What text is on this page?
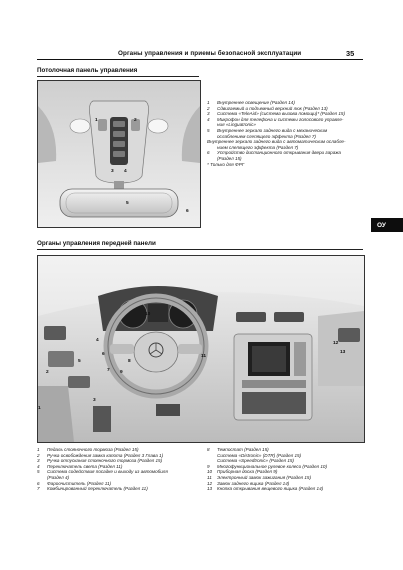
Органы управления и приемы безопасной эксплуатации	35
Потолочная панель управления
1	2
3 4
5
6
1	Внутреннее освещение (Раздел 14)
2	Сдвигаемый и подъемный верхний люк (Раздел 13)
3	Система «TeleAid» (система вызова помощи)* (Раздел 15)
4	Микрофон для телефона и системы голосового управле-
ния «Linguatronic»
5	Внутреннее зеркало заднего вида с механическим
ослаблением слепящего эффекта (Раздел 7)
Внутреннее зеркало заднего вида с автоматическим ослабле-
нием слепящего эффекта (Раздел 7)
6	Устройство дистанционного открывания двери гаража
(Раздел 15)
* Только для ФРГ
ОУ
Органы управления передней панели
1
2
3
4
5
6
7
8
9
10
11
12
13
1	Педаль стояночного тормоза (Раздел 15)
2	Ручка освобождения замка капота (Раздел 3 Глава 1)
3	Ручка отпускания стояночного тормоза (Раздел 15)
4	Переключатель света (Раздел 11)
5	Система содействия посадке и выходу из автомобиля
(Раздел 4)
6	Фароочиститель (Раздел 11)
7	Комбинированный переключатель (Раздел 11)
8	Темпостат (Раздел 15)
Система «Distronic» (DTR) (Раздел 15)
Система «Speedtronic» (Раздел 15)
9	Многофункциональное рулевое колесо (Раздел 10)
10	Приборная доска (Раздел 9)
11	Электронный замок зажигания (Раздел 15)
12	Замок заднего ящика (Раздел 14)
13	Кнопка открывания вещевого ящика (Раздел 14)
